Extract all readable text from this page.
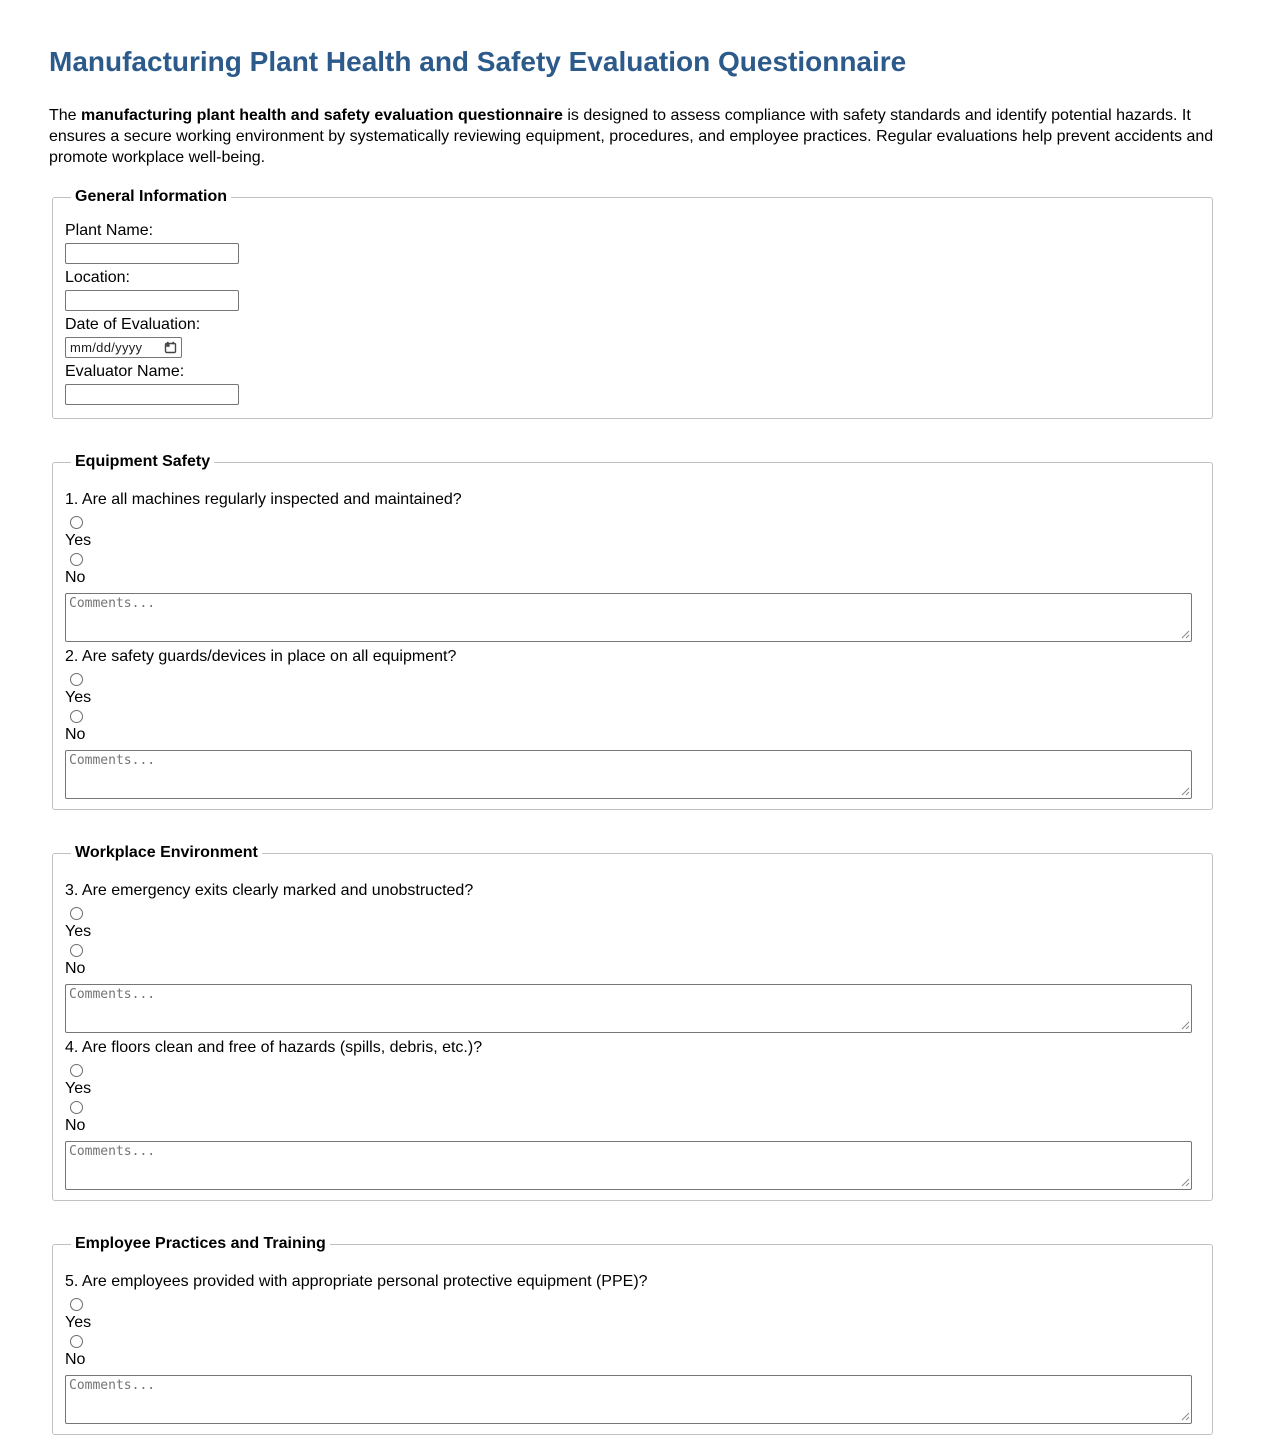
Manufacturing Plant Health and Safety Evaluation Questionnaire

The manufacturing plant health and safety evaluation questionnaire is designed to assess compliance with safety standards and identify potential hazards. It ensures a secure working environment by systematically reviewing equipment, procedures, and employee practices. Regular evaluations help prevent accidents and promote workplace well-being.

General Information
Plant Name:
Location:
Date of Evaluation:
mm/dd/yyyy
Evaluator Name:
Equipment Safety
1. Are all machines regularly inspected and maintained?
Yes
No
Comments...
2. Are safety guards/devices in place on all equipment?
Yes
No
Comments...
Workplace Environment
3. Are emergency exits clearly marked and unobstructed?
Yes
No
Comments...
4. Are floors clean and free of hazards (spills, debris, etc.)?
Yes
No
Comments...
Employee Practices and Training
5. Are employees provided with appropriate personal protective equipment (PPE)?
Yes
No
Comments...
